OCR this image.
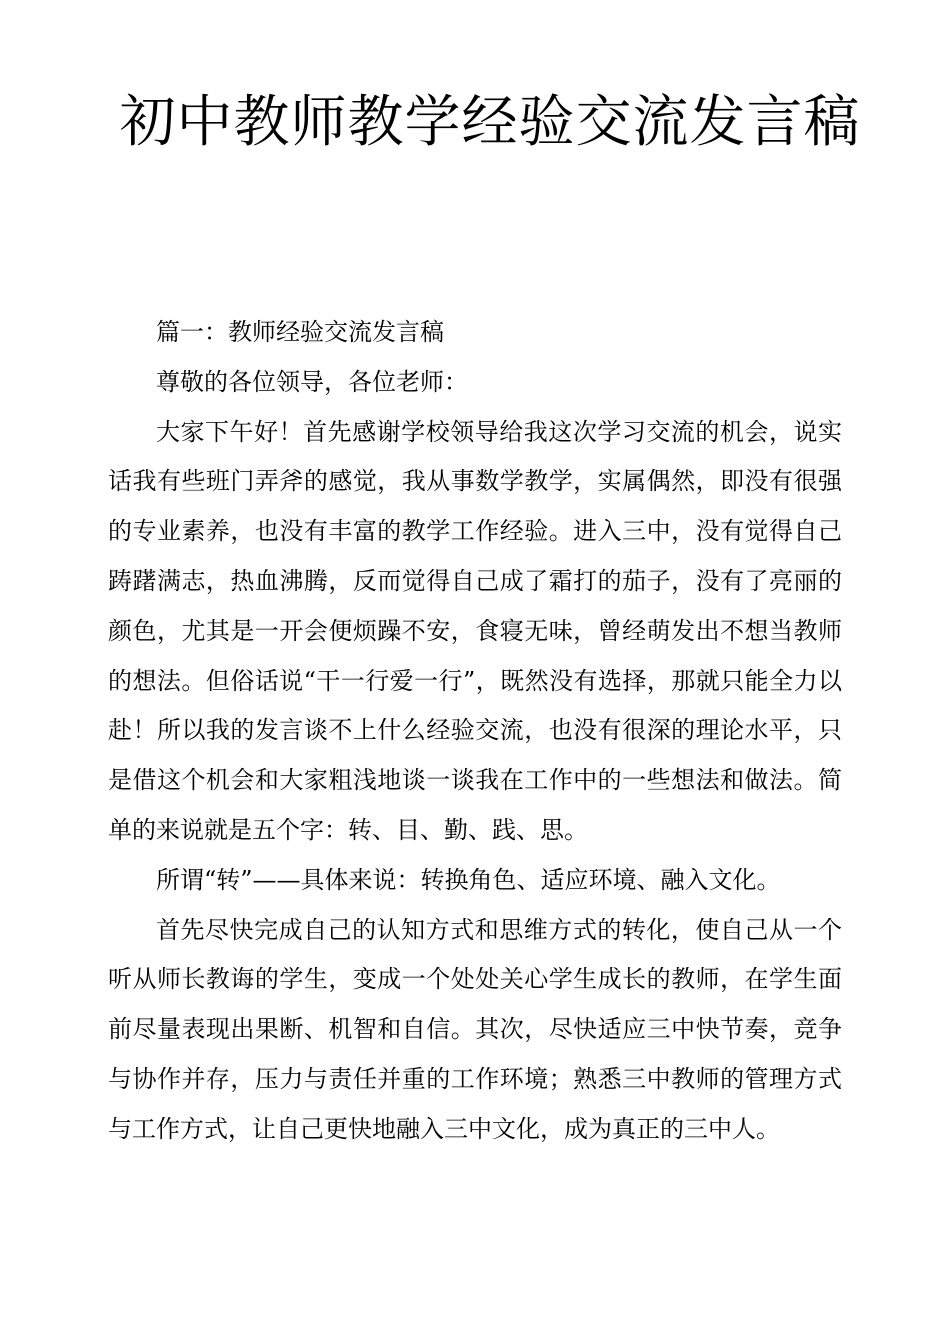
初中教师教学经验交流发言稿

篇一：教师经验交流发言稿

尊敬的各位领导，各位老师：

大家下午好！首先感谢学校领导给我这次学习交流的机会，说实话我有些班门弄斧的感觉，我从事数学教学，实属偶然，即没有很强的专业素养，也没有丰富的教学工作经验。进入三中，没有觉得自己踌躇满志，热血沸腾，反而觉得自己成了霜打的茄子，没有了亮丽的颜色，尤其是一开会便烦躁不安，食寝无味，曾经萌发出不想当教师的想法。但俗话说“干一行爱一行”，既然没有选择，那就只能全力以赴！所以我的发言谈不上什么经验交流，也没有很深的理论水平，只是借这个机会和大家粗浅地谈一谈我在工作中的一些想法和做法。简单的来说就是五个字：转、目、勤、践、思。

所谓“转”——具体来说：转换角色、适应环境、融入文化。

首先尽快完成自己的认知方式和思维方式的转化，使自己从一个听从师长教诲的学生，变成一个处处关心学生成长的教师，在学生面前尽量表现出果断、机智和自信。其次，尽快适应三中快节奏，竞争与协作并存，压力与责任并重的工作环境；熟悉三中教师的管理方式与工作方式，让自己更快地融入三中文化，成为真正的三中人。
